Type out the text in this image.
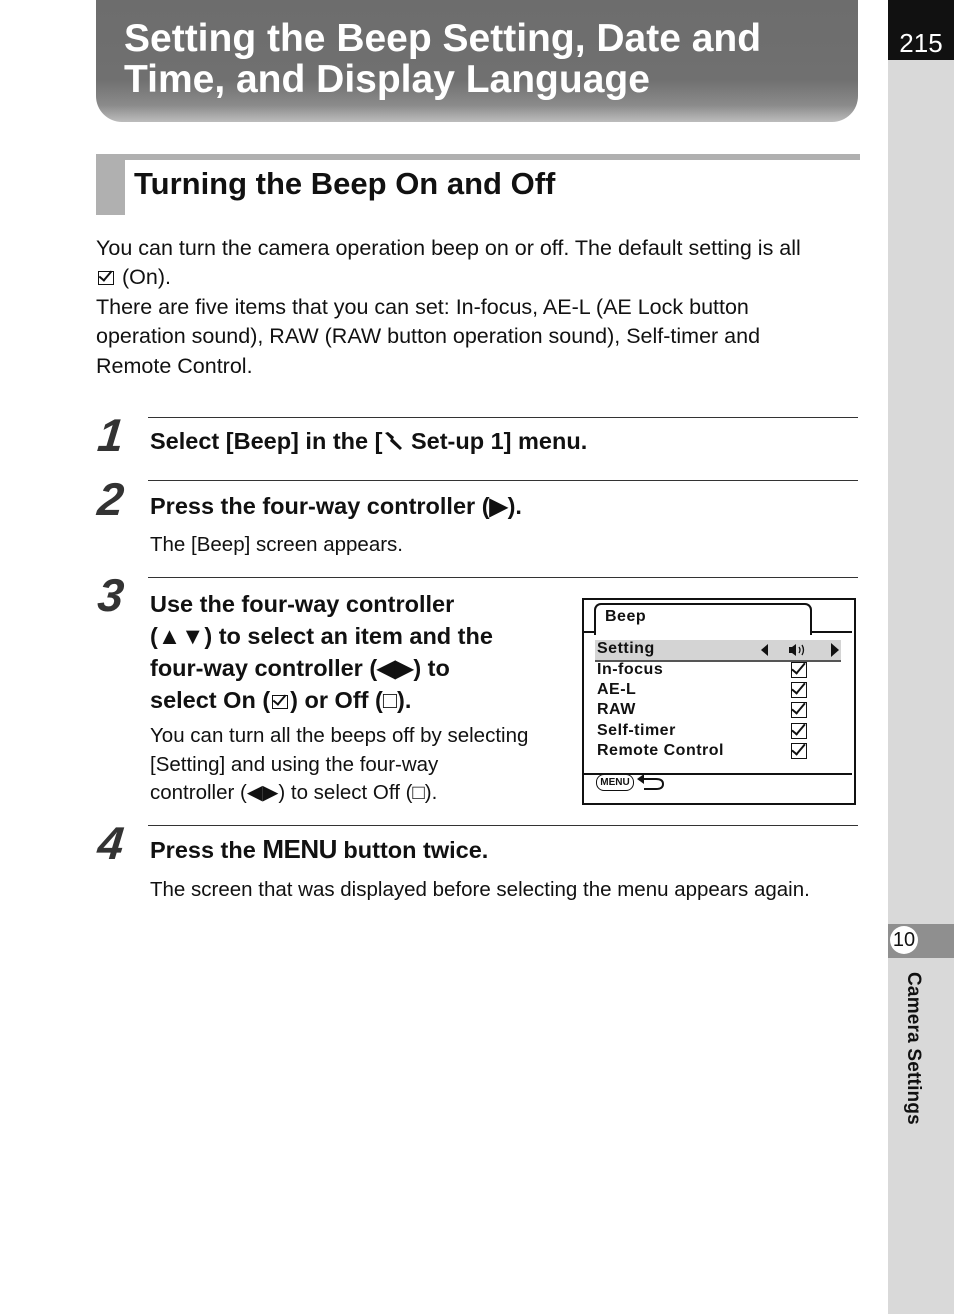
215
10
Camera Settings
Setting the Beep Setting, Date and
Time, and Display Language
Turning the Beep On and Off
You can turn the camera operation beep on or off. The default setting is all
(On).
There are five items that you can set: In-focus, AE-L (AE Lock button
operation sound), RAW (RAW button operation sound), Self-timer and
Remote Control.
1 Select [Beep] in the [ Set-up 1] menu.
2 Press the four-way controller (▶).
The [Beep] screen appears.
3 Use the four-way controller
(▲▼) to select an item and the
four-way controller (◀▶) to
select On ( ) or Off (□).
You can turn all the beeps off by selecting
[Setting] and using the four-way
controller (◀▶) to select Off (□).
Beep
Setting
In-focus
AE-L
RAW
Self-timer
Remote Control
MENU
4 Press the MENU button twice.
The screen that was displayed before selecting the menu appears again.
